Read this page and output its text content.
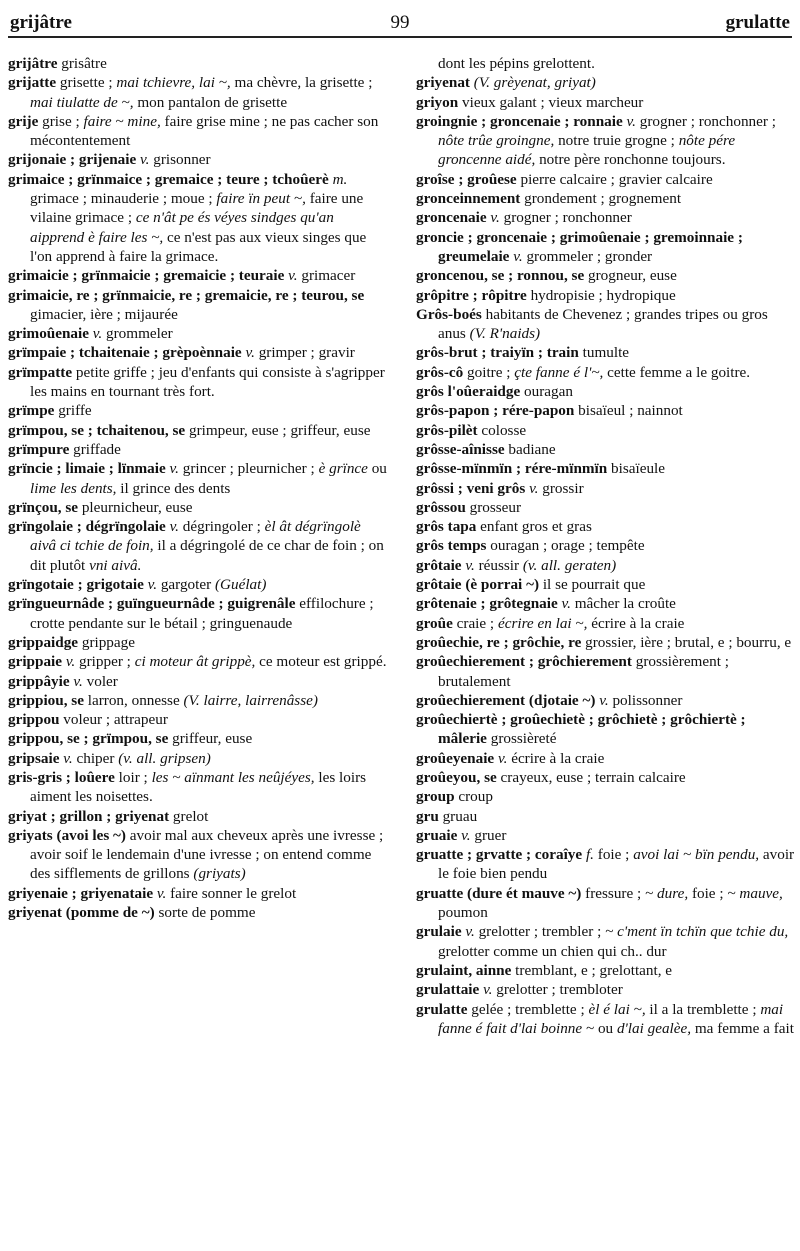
grijâtre	99	grulatte

grijâtre grisâtre

grijatte grisette ; mai tchievre, lai ~, ma chèvre, la grisette ; mai tiulatte de ~, mon pantalon de grisette

grije grise ; faire ~ mine, faire grise mine ; ne pas cacher son mécontentement

grijonaie ; grijenaie v. grisonner

grimaice ; grïnmaice ; gremaice ; teure ; tchoûerè m. grimace ; minauderie ; moue ; faire ïn peut ~, faire une vilaine grimace ; ce n'ât pe és véyes sindges qu'an aipprend è faire les ~, ce n'est pas aux vieux singes que l'on apprend à faire la grimace.

grimaicie ; grïnmaicie ; gremaicie ; teuraie v. grimacer

grimaicie, re ; grïnmaicie, re ; gremaicie, re ; teurou, se gimacier, ière ; mijaurée

grimoûenaie v. grommeler

grïmpaie ; tchaitenaie ; grèpoènnaie v. grimper ; gravir

grïmpatte petite griffe ; jeu d'enfants qui consiste à s'agripper les mains en tournant très fort.

grïmpe griffe

grïmpou, se ; tchaitenou, se grimpeur, euse ; griffeur, euse

grïmpure griffade

grïncie ; limaie ; lïnmaie v. grincer ; pleurnicher ; è grïnce ou lime les dents, il grince des dents

grïnçou, se pleurnicheur, euse

grïngolaie ; dégrïngolaie v. dégringoler ; èl ât dégrïngolè aivâ ci tchie de foin, il a dégringolé de ce char de foin ; on dit plutôt vni aivâ.

grïngotaie ; grigotaie v. gargoter (Guélat)

grïngueurnâde ; guïngueurnâde ; guigrenâle effilochure ; crotte pendante sur le bétail ; gringuenaude

grippaidge grippage

grippaie v. gripper ; ci moteur ât grippè, ce moteur est grippé.

grippâyie v. voler

grippiou, se larron, onnesse (V. lairre, lairrenâsse)

grippou voleur ; attrapeur

grippou, se ; grïmpou, se griffeur, euse

gripsaie v. chiper (v. all. gripsen)

gris-gris ; loûere loir ; les ~ aïnmant les neûjéyes, les loirs aiment les noisettes.

griyat ; grillon ; griyenat grelot

griyats (avoi les ~) avoir mal aux cheveux après une ivresse ; avoir soif le lendemain d'une ivresse ; on entend comme des sifflements de grillons (griyats)

griyenaie ; griyenataie v. faire sonner le grelot

griyenat (pomme de ~) sorte de pomme

dont les pépins grelottent.

griyenat (V. grèyenat, griyat)

griyon vieux galant ; vieux marcheur

groingnie ; groncenaie ; ronnaie v. grogner ; ronchonner ; nôte trûe groingne, notre truie grogne ; nôte pére groncenne aidé, notre père ronchonne toujours.

groîse ; groûese pierre calcaire ; gravier calcaire

gronceinnement grondement ; grognement

groncenaie v. grogner ; ronchonner

groncie ; groncenaie ; grimoûenaie ; gremoinnaie ; greumelaie v. grommeler ; gronder

groncenou, se ; ronnou, se grogneur, euse

grôpitre ; rôpitre hydropisie ; hydropique

Grôs-boés habitants de Chevenez ; grandes tripes ou gros anus (V. R'naids)

grôs-brut ; traiyïn ; train tumulte

grôs-cô goitre ; çte fanne é l'~, cette femme a le goitre.

grôs l'oûeraidge ouragan

grôs-papon ; rére-papon bisaïeul ; nainnot

grôs-pilèt colosse

grôsse-aînisse badiane

grôsse-mïnmïn ; rére-mïnmïn bisaïeule

grôssi ; veni grôs v. grossir

grôssou grosseur

grôs tapa enfant gros et gras

grôs temps ouragan ; orage ; tempête

grôtaie v. réussir (v. all. geraten)

grôtaie (è porrai ~) il se pourrait que

grôtenaie ; grôtegnaie v. mâcher la croûte

groûe craie ; écrire en lai ~, écrire à la craie

groûechie, re ; grôchie, re grossier, ière ; brutal, e ; bourru, e

groûechierement ; grôchierement grossièrement ; brutalement

groûechierement (djotaie ~) v. polissonner

groûechiertè ; groûechietè ; grôchietè ; grôchiertè ; mâlerie grossièreté

groûeyenaie v. écrire à la craie

groûeyou, se crayeux, euse ; terrain calcaire

group croup

gru gruau

gruaie v. gruer

gruatte ; grvatte ; coraîye f. foie ; avoi lai ~ bïn pendu, avoir le foie bien pendu

gruatte (dure ét mauve ~) fressure ; ~ dure, foie ; ~ mauve, poumon

grulaie v. grelotter ; trembler ; ~ c'ment ïn tchïn que tchie du, grelotter comme un chien qui ch.. dur

grulaint, ainne tremblant, e ; grelottant, e

grulattaie v. grelotter ; trembloter

grulatte gelée ; tremblette ; èl é lai ~, il a la tremblette ; mai fanne é fait d'lai boinne ~ ou d'lai gealèe, ma femme a fait
